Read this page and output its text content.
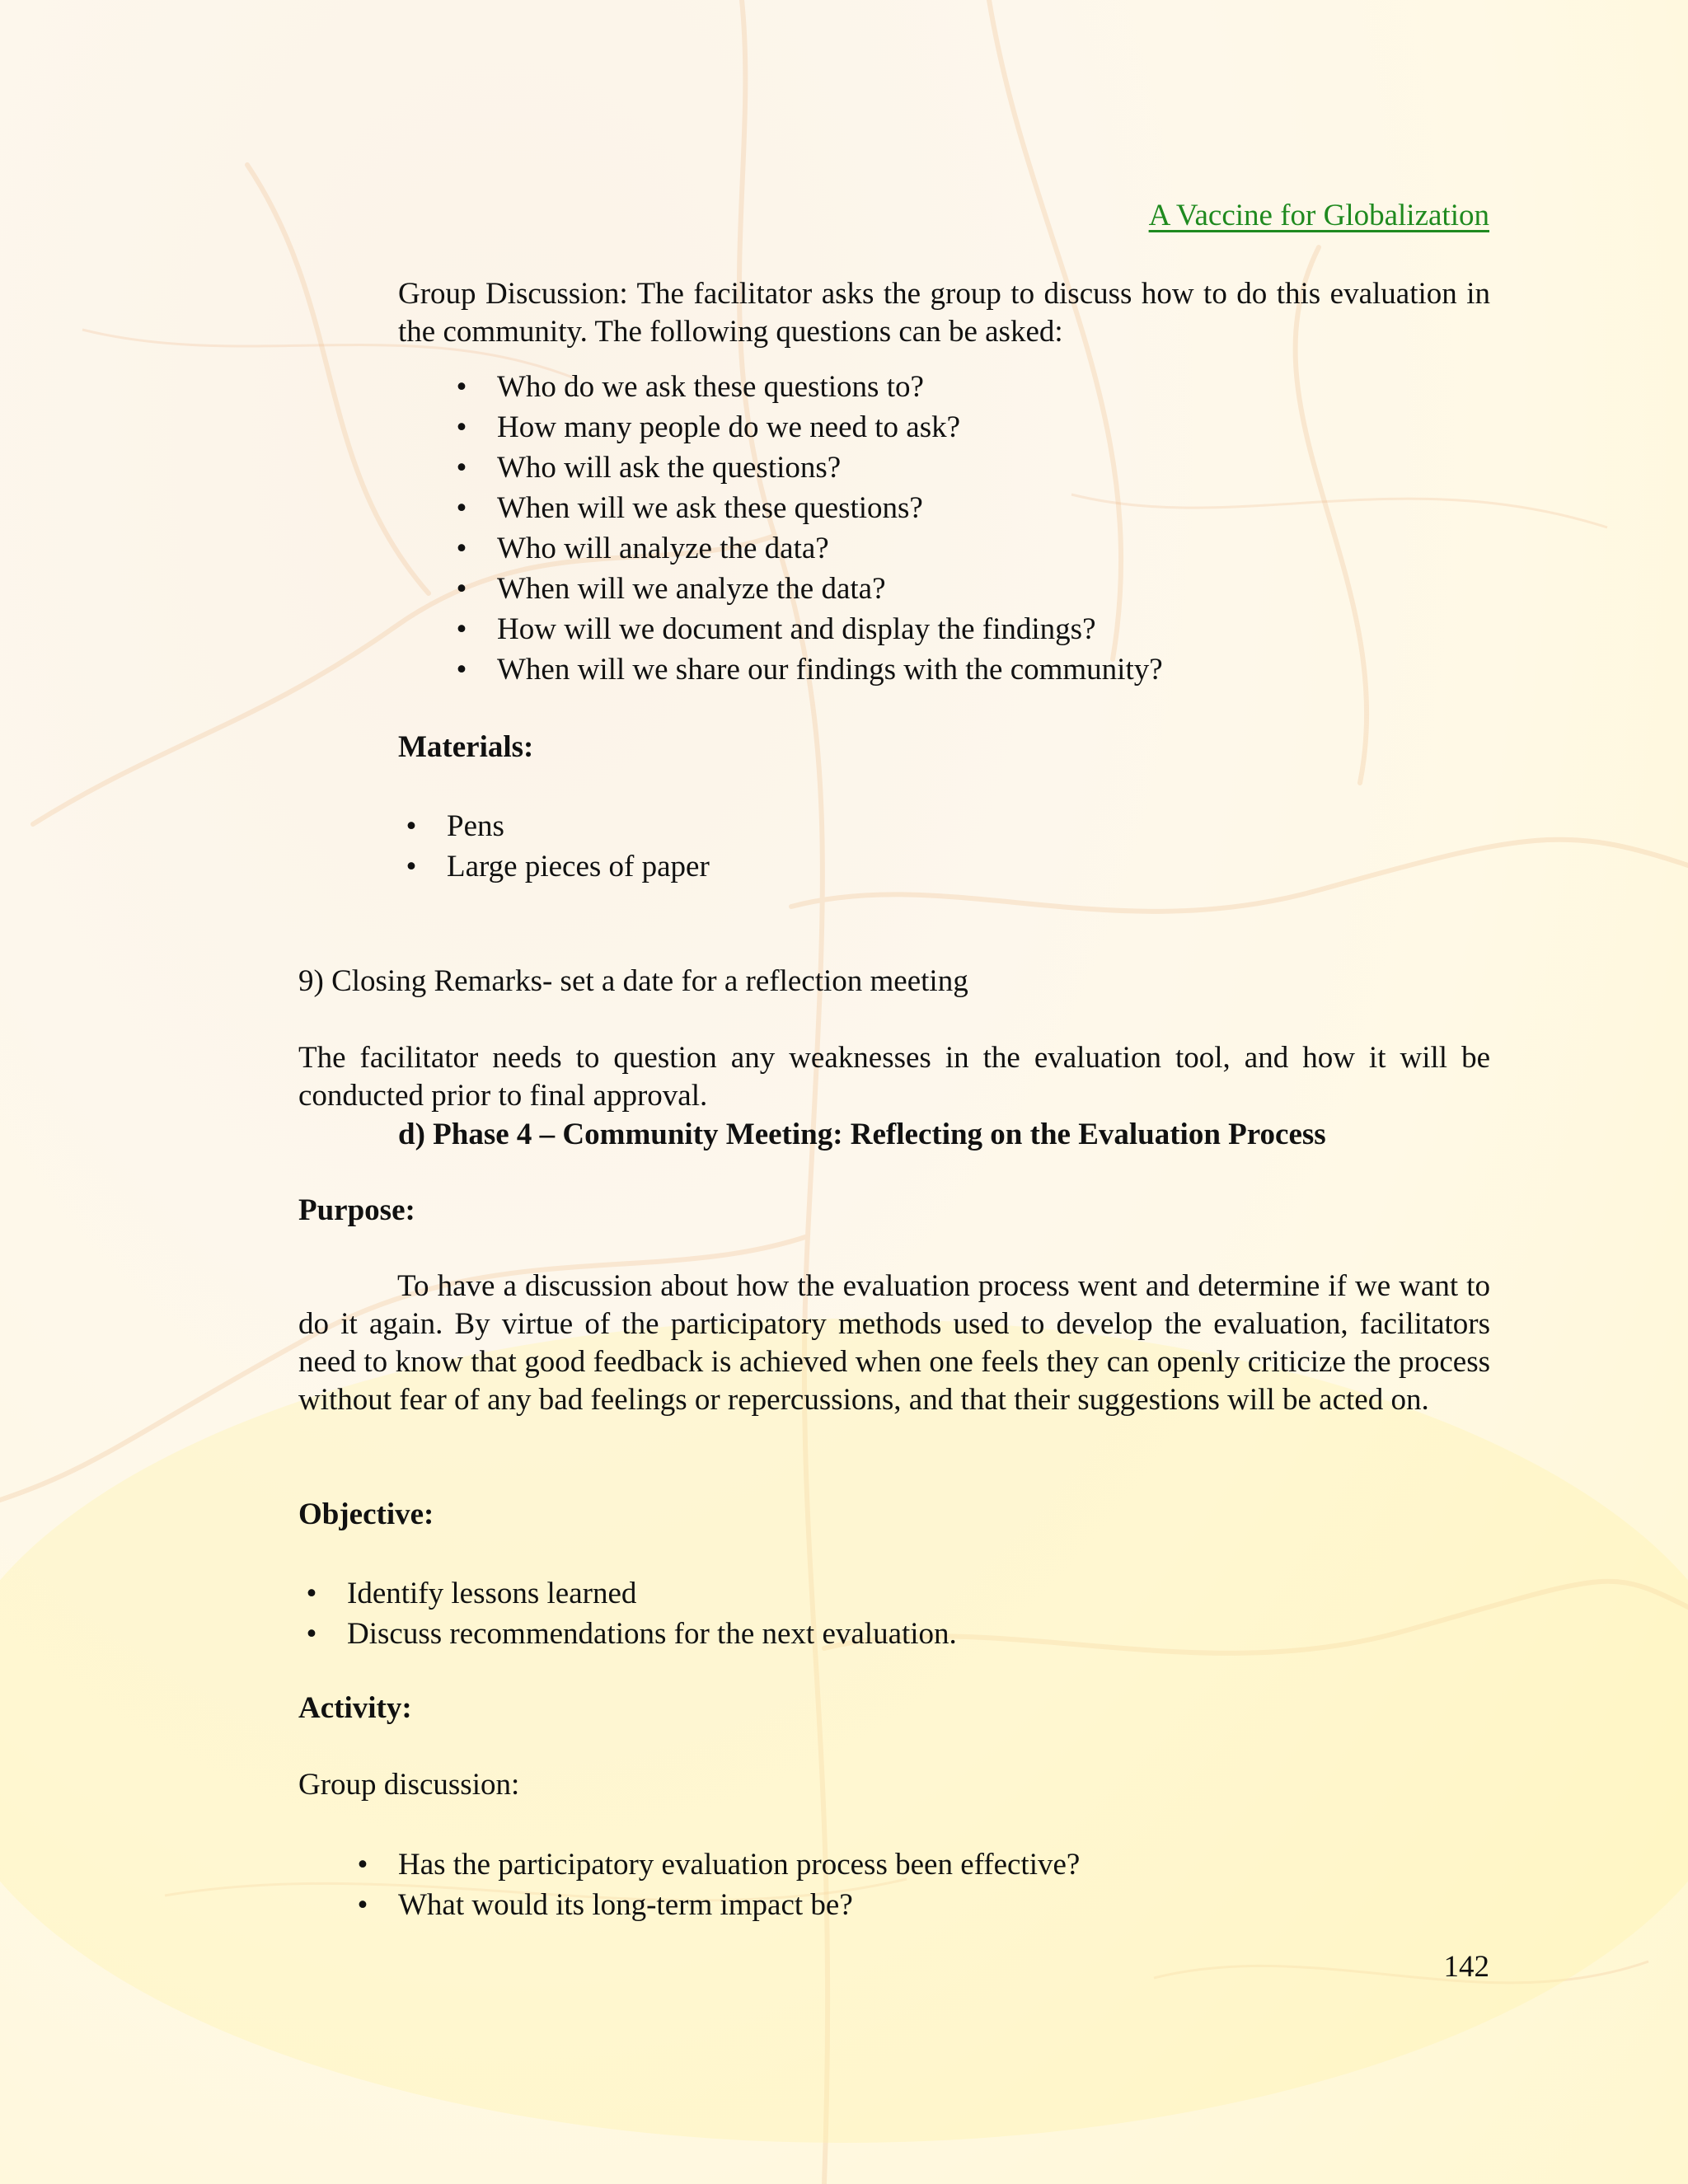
A Vaccine for Globalization
Group Discussion: The facilitator asks the group to discuss how to do this evaluation in the community. The following questions can be asked:
• Who do we ask these questions to?
• How many people do we need to ask?
• Who will ask the questions?
• When will we ask these questions?
• Who will analyze the data?
• When will we analyze the data?
• How will we document and display the findings?
• When will we share our findings with the community?
Materials:
• Pens
• Large pieces of paper
9) Closing Remarks- set a date for a reflection meeting
The facilitator needs to question any weaknesses in the evaluation tool, and how it will be conducted prior to final approval.
d) Phase 4 – Community Meeting: Reflecting on the Evaluation Process
Purpose:
To have a discussion about how the evaluation process went and determine if we want to do it again. By virtue of the participatory methods used to develop the evaluation, facilitators need to know that good feedback is achieved when one feels they can openly criticize the process without fear of any bad feelings or repercussions, and that their suggestions will be acted on.
Objective:
• Identify lessons learned
• Discuss recommendations for the next evaluation.
Activity:
Group discussion:
• Has the participatory evaluation process been effective?
• What would its long-term impact be?
142
